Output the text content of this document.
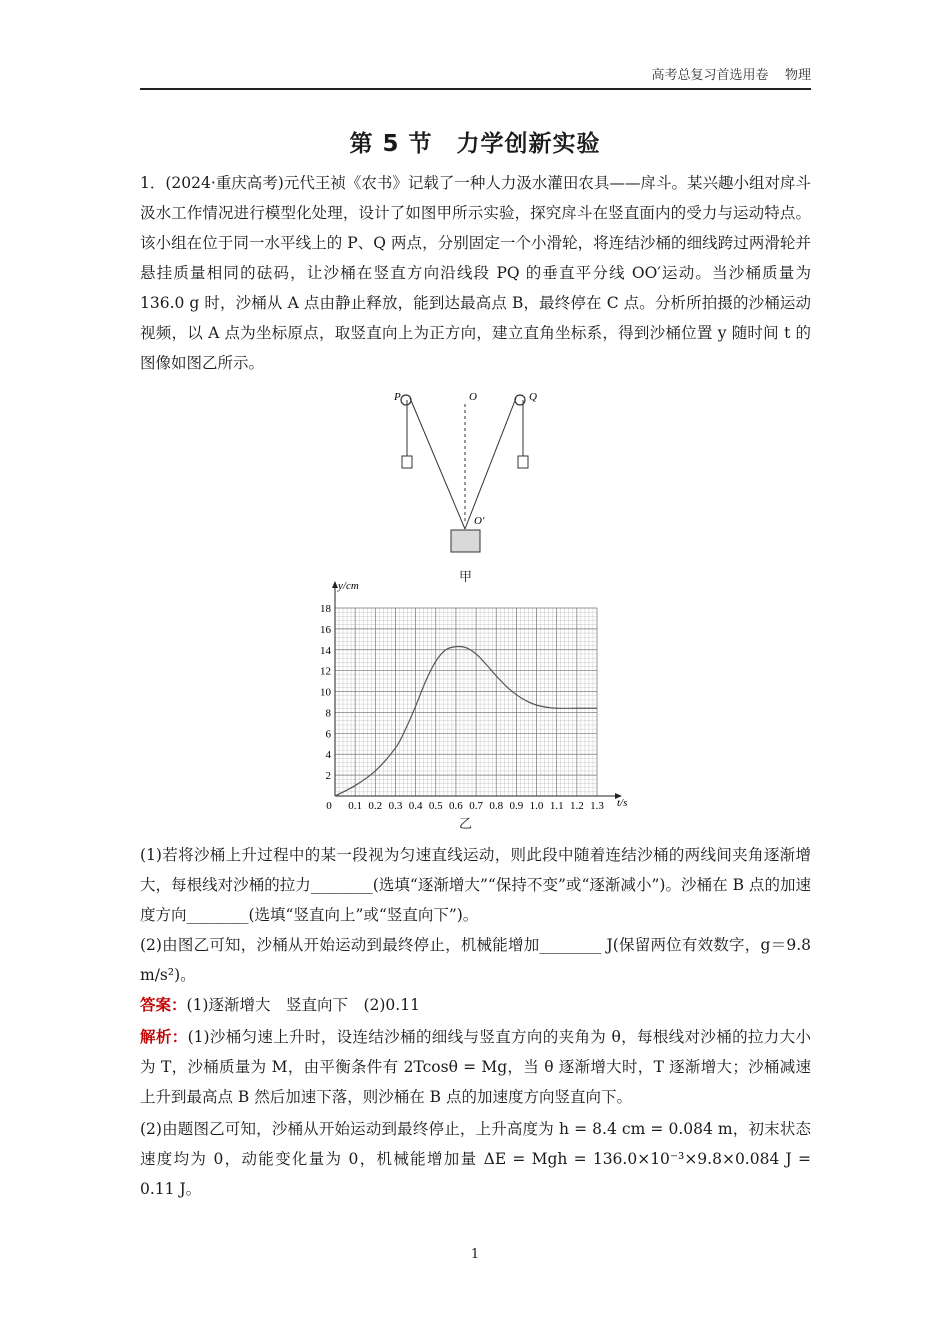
高考总复习首选用卷    物理
第 5 节　力学创新实验

1．(2024·重庆高考)元代王祯《农书》记载了一种人力汲水灌田农具——戽斗。某兴趣小组对戽斗汲水工作情况进行模型化处理，设计了如图甲所示实验，探究戽斗在竖直面内的受力与运动特点。该小组在位于同一水平线上的 P、Q 两点，分别固定一个小滑轮，将连结沙桶的细线跨过两滑轮并悬挂质量相同的砝码，让沙桶在竖直方向沿线段 PQ 的垂直平分线 OO′运动。当沙桶质量为 136.0 g 时，沙桶从 A 点由静止释放，能到达最高点 B，最终停在 C 点。分析所拍摄的沙桶运动视频，以 A 点为坐标原点，取竖直向上为正方向，建立直角坐标系，得到沙桶位置 y 随时间 t 的图像如图乙所示。

P	O	Q
O′
甲
2
4
6
8
10
12
14
16
18
0 0.1 0.2 0.3 0.4 0.5 0.6 0.7 0.8 0.9 1.0 1.1 1.2 1.3
y/cm
t/s
乙

(1)若将沙桶上升过程中的某一段视为匀速直线运动，则此段中随着连结沙桶的两线间夹角逐渐增大，每根线对沙桶的拉力________(选填“逐渐增大”“保持不变”或“逐渐减小”)。沙桶在 B 点的加速度方向________(选填“竖直向上”或“竖直向下”)。

(2)由图乙可知，沙桶从开始运动到最终停止，机械能增加________ J(保留两位有效数字，g＝9.8 m/s²)。

答案：(1)逐渐增大　竖直向下　(2)0.11

解析：(1)沙桶匀速上升时，设连结沙桶的细线与竖直方向的夹角为 θ，每根线对沙桶的拉力大小为 T，沙桶质量为 M，由平衡条件有 2Tcosθ = Mg，当 θ 逐渐增大时，T 逐渐增大；沙桶减速上升到最高点 B 然后加速下落，则沙桶在 B 点的加速度方向竖直向下。

(2)由题图乙可知，沙桶从开始运动到最终停止，上升高度为 h = 8.4 cm = 0.084 m，初末状态速度均为 0，动能变化量为 0，机械能增加量 ΔE = Mgh = 136.0×10⁻³×9.8×0.084 J = 0.11 J。

1
